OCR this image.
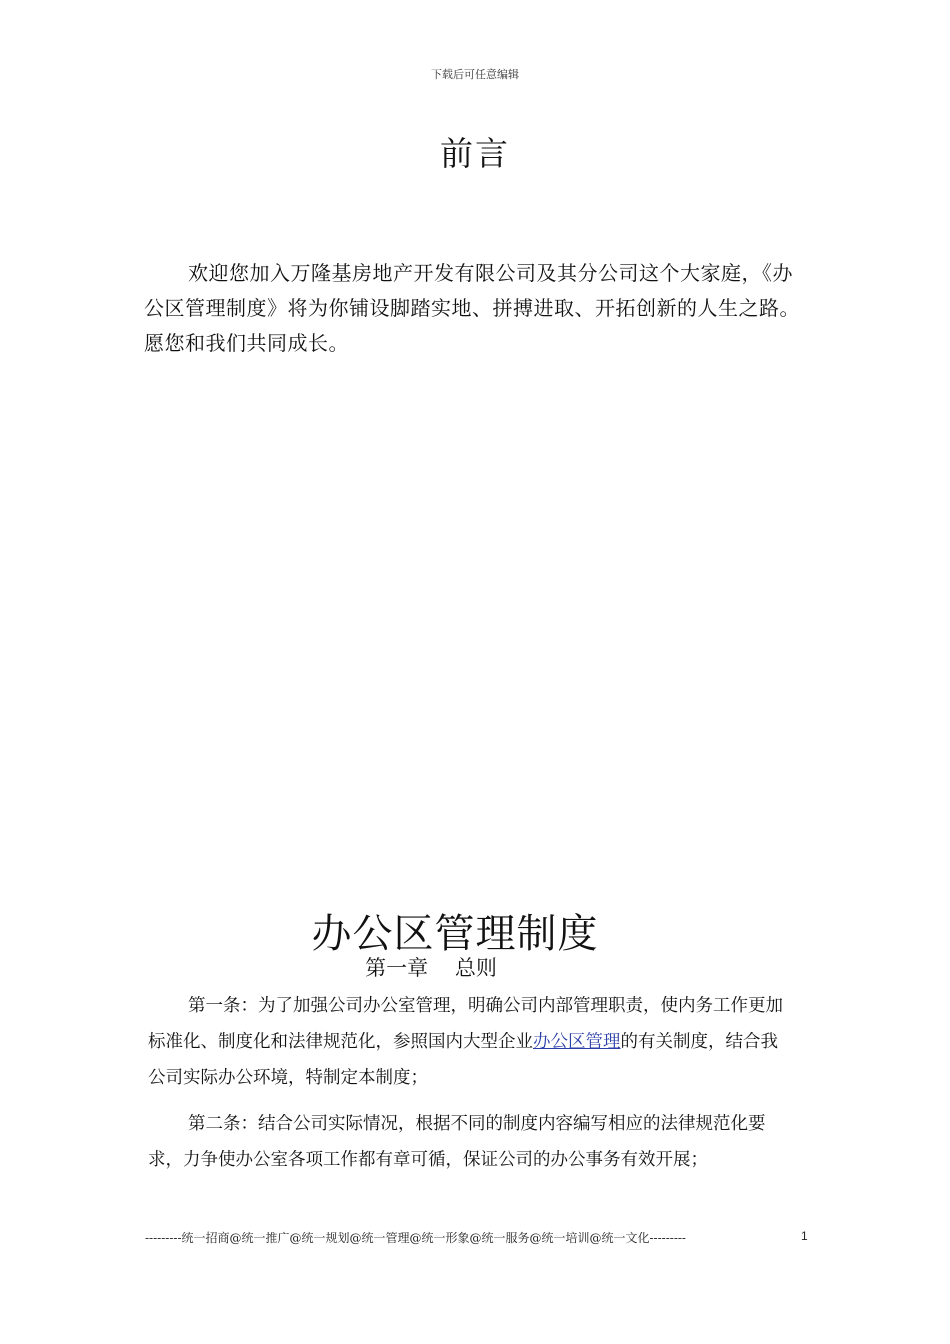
下载后可任意编辑
前言

欢迎您加入万隆基房地产开发有限公司及其分公司这个大家庭，《办公区管理制度》将为你铺设脚踏实地、拼搏进取、开拓创新的人生之路。愿您和我们共同成长。

办公区管理制度
第一章    总则

第一条：为了加强公司办公室管理，明确公司内部管理职责，使内务工作更加标准化、制度化和法律规范化，参照国内大型企业办公区管理的有关制度，结合我公司实际办公环境，特制定本制度；

第二条：结合公司实际情况，根据不同的制度内容编写相应的法律规范化要求，力争使办公室各项工作都有章可循，保证公司的办公事务有效开展；

---------统一招商@统一推广@统一规划@统一管理@统一形象@统一服务@统一培训@统一文化---------	1
